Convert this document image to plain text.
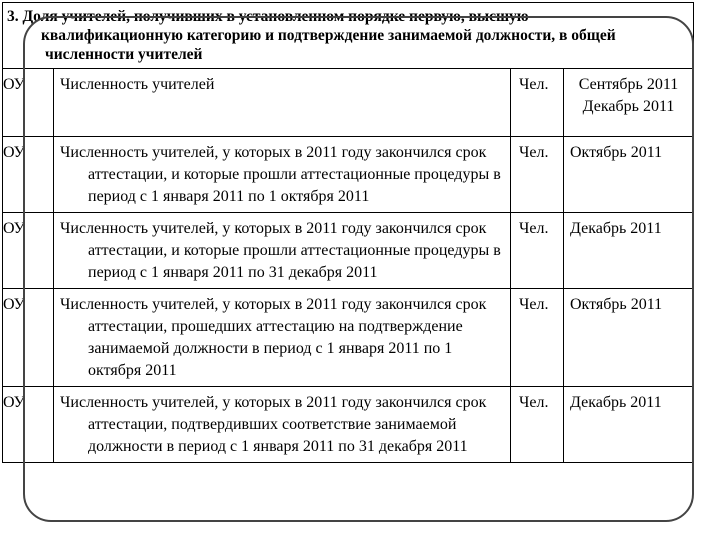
3. Доля учителей, получивших в установленном порядке первую, высшую
квалификационную категорию и подтверждение занимаемой должности, в общей численности учителей
ОУ	Численность учителей	Чел.	Сентябрь 2011 Декабрь 2011

ОУ	Численность учителей, у которых в 2011 году закончился срок аттестации, и которые прошли аттестационные процедуры в период с 1 января 2011 по 1 октября 2011	Чел.	Октябрь 2011
ОУ	Численность учителей, у которых в 2011 году закончился срок аттестации, и которые прошли аттестационные процедуры в период с 1 января 2011 по 31 декабря 2011	Чел.	Декабрь 2011
ОУ	Численность учителей, у которых в 2011 году закончился срок аттестации, прошедших аттестацию на подтверждение занимаемой должности в период с 1 января 2011 по 1 октября 2011	Чел.	Октябрь 2011
ОУ	Численность учителей, у которых в 2011 году закончился срок аттестации, подтвердивших соответствие занимаемой должности в период с 1 января 2011 по 31 декабря 2011	Чел.	Декабрь 2011
